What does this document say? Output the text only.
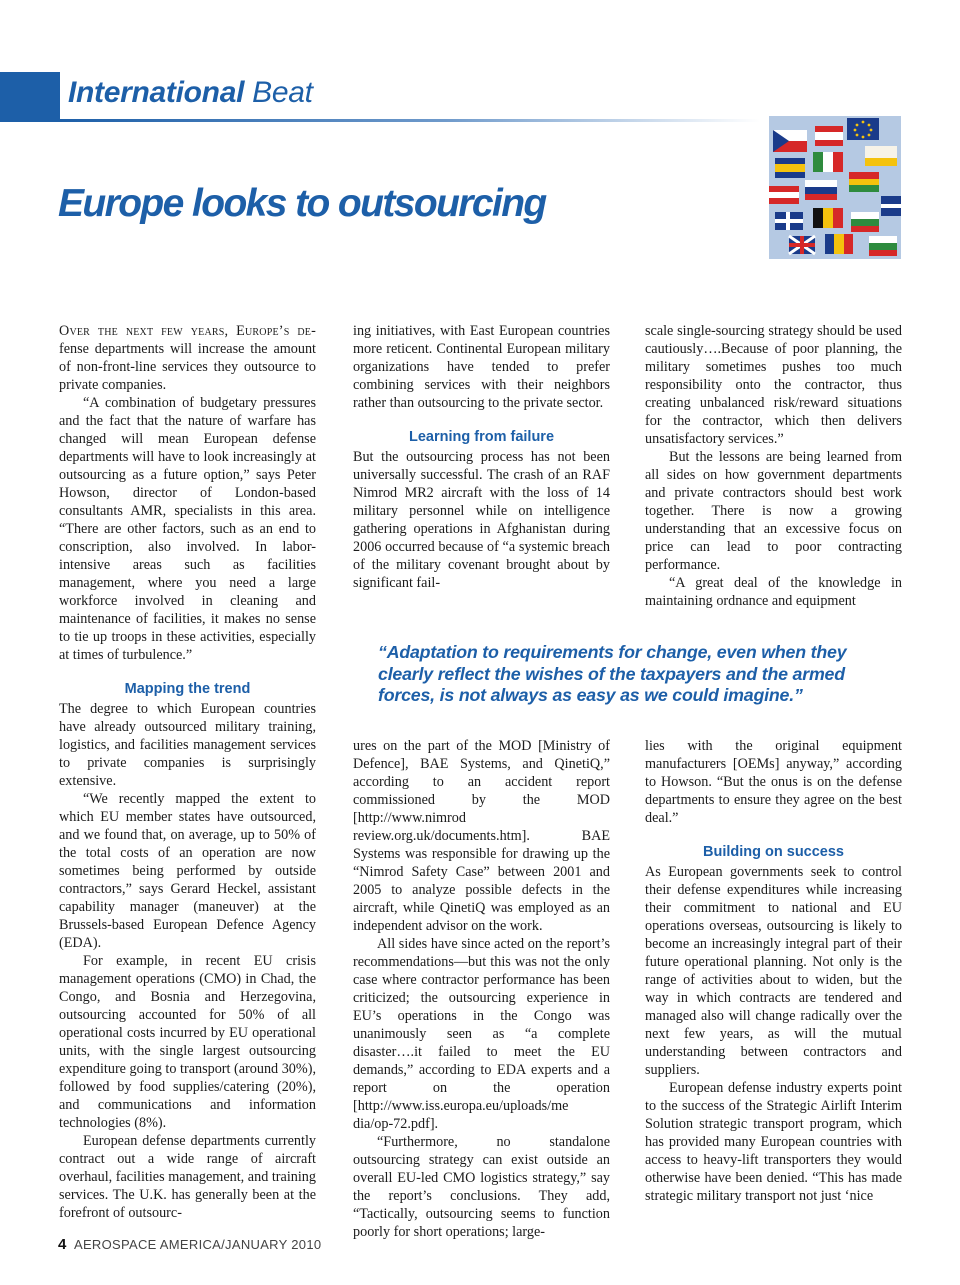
International Beat
Europe looks to outsourcing

Over the next few years, Europe’s de-fense departments will increase the amount of non-front-line services they outsource to private companies.

“A combination of budgetary pressures and the fact that the nature of warfare has changed will mean European defense departments will have to look increasingly at outsourcing as a future option,” says Peter Howson, director of London-based consultants AMR, specialists in this area. “There are other factors, such as an end to conscription, also involved. In labor-intensive areas such as facilities management, where you need a large workforce involved in cleaning and maintenance of facilities, it makes no sense to tie up troops in these activities, especially at times of turbulence.”

Mapping the trend

The degree to which European countries have already outsourced military training, logistics, and facilities management services to private companies is surprisingly extensive.

“We recently mapped the extent to which EU member states have outsourced, and we found that, on average, up to 50% of the total costs of an operation are now sometimes being performed by outside contractors,” says Gerard Heckel, assistant capability manager (maneuver) at the Brussels-based European Defence Agency (EDA).

For example, in recent EU crisis management operations (CMO) in Chad, the Congo, and Bosnia and Herzegovina, outsourcing accounted for 50% of all operational costs incurred by EU operational units, with the single largest outsourcing expenditure going to transport (around 30%), followed by food supplies/catering (20%), and communications and information technologies (8%).

European defense departments currently contract out a wide range of aircraft overhaul, facilities management, and training services. The U.K. has generally been at the forefront of outsourc-

ing initiatives, with East European countries more reticent. Continental European military organizations have tended to prefer combining services with their neighbors rather than outsourcing to the private sector.

Learning from failure

But the outsourcing process has not been universally successful. The crash of an RAF Nimrod MR2 aircraft with the loss of 14 military personnel while on intelligence gathering operations in Afghanistan during 2006 occurred because of “a systemic breach of the military covenant brought about by significant fail-

scale single-sourcing strategy should be used cautiously….Because of poor planning, the military sometimes pushes too much responsibility onto the contractor, thus creating unbalanced risk/reward situations for the contractor, which then delivers unsatisfactory services.”

But the lessons are being learned from all sides on how government departments and private contractors should best work together. There is now a growing understanding that an excessive focus on price can lead to poor contracting performance.

“A great deal of the knowledge in maintaining ordnance and equipment

“Adaptation to requirements for change, even when they clearly reflect the wishes of the taxpayers and the armed forces, is not always as easy as we could imagine.”

ures on the part of the MOD [Ministry of Defence], BAE Systems, and QinetiQ,” according to an accident report commissioned by the MOD [http://www.nimrod review.org.uk/documents.htm]. BAE Systems was responsible for drawing up the “Nimrod Safety Case” between 2001 and 2005 to analyze possible defects in the aircraft, while QinetiQ was employed as an independent advisor on the work.

All sides have since acted on the report’s recommendations—but this was not the only case where contractor performance has been criticized; the outsourcing experience in EU’s operations in the Congo was unanimously seen as “a complete disaster….it failed to meet the EU demands,” according to EDA experts and a report on the operation [http://www.iss.europa.eu/uploads/me dia/op-72.pdf].

“Furthermore, no standalone outsourcing strategy can exist outside an overall EU-led CMO logistics strategy,” say the report’s conclusions. They add, “Tactically, outsourcing seems to function poorly for short operations; large-

lies with the original equipment manufacturers [OEMs] anyway,” according to Howson. “But the onus is on the defense departments to ensure they agree on the best deal.”

Building on success

As European governments seek to control their defense expenditures while increasing their commitment to national and EU operations overseas, outsourcing is likely to become an increasingly integral part of their future operational planning. Not only is the range of activities about to widen, but the way in which contracts are tendered and managed also will change radically over the next few years, as will the mutual understanding between contractors and suppliers.

European defense industry experts point to the success of the Strategic Airlift Interim Solution strategic transport program, which has provided many European countries with access to heavy-lift transporters they would otherwise have been denied. “This has made strategic military transport not just ‘nice

4 AEROSPACE AMERICA/JANUARY 2010
